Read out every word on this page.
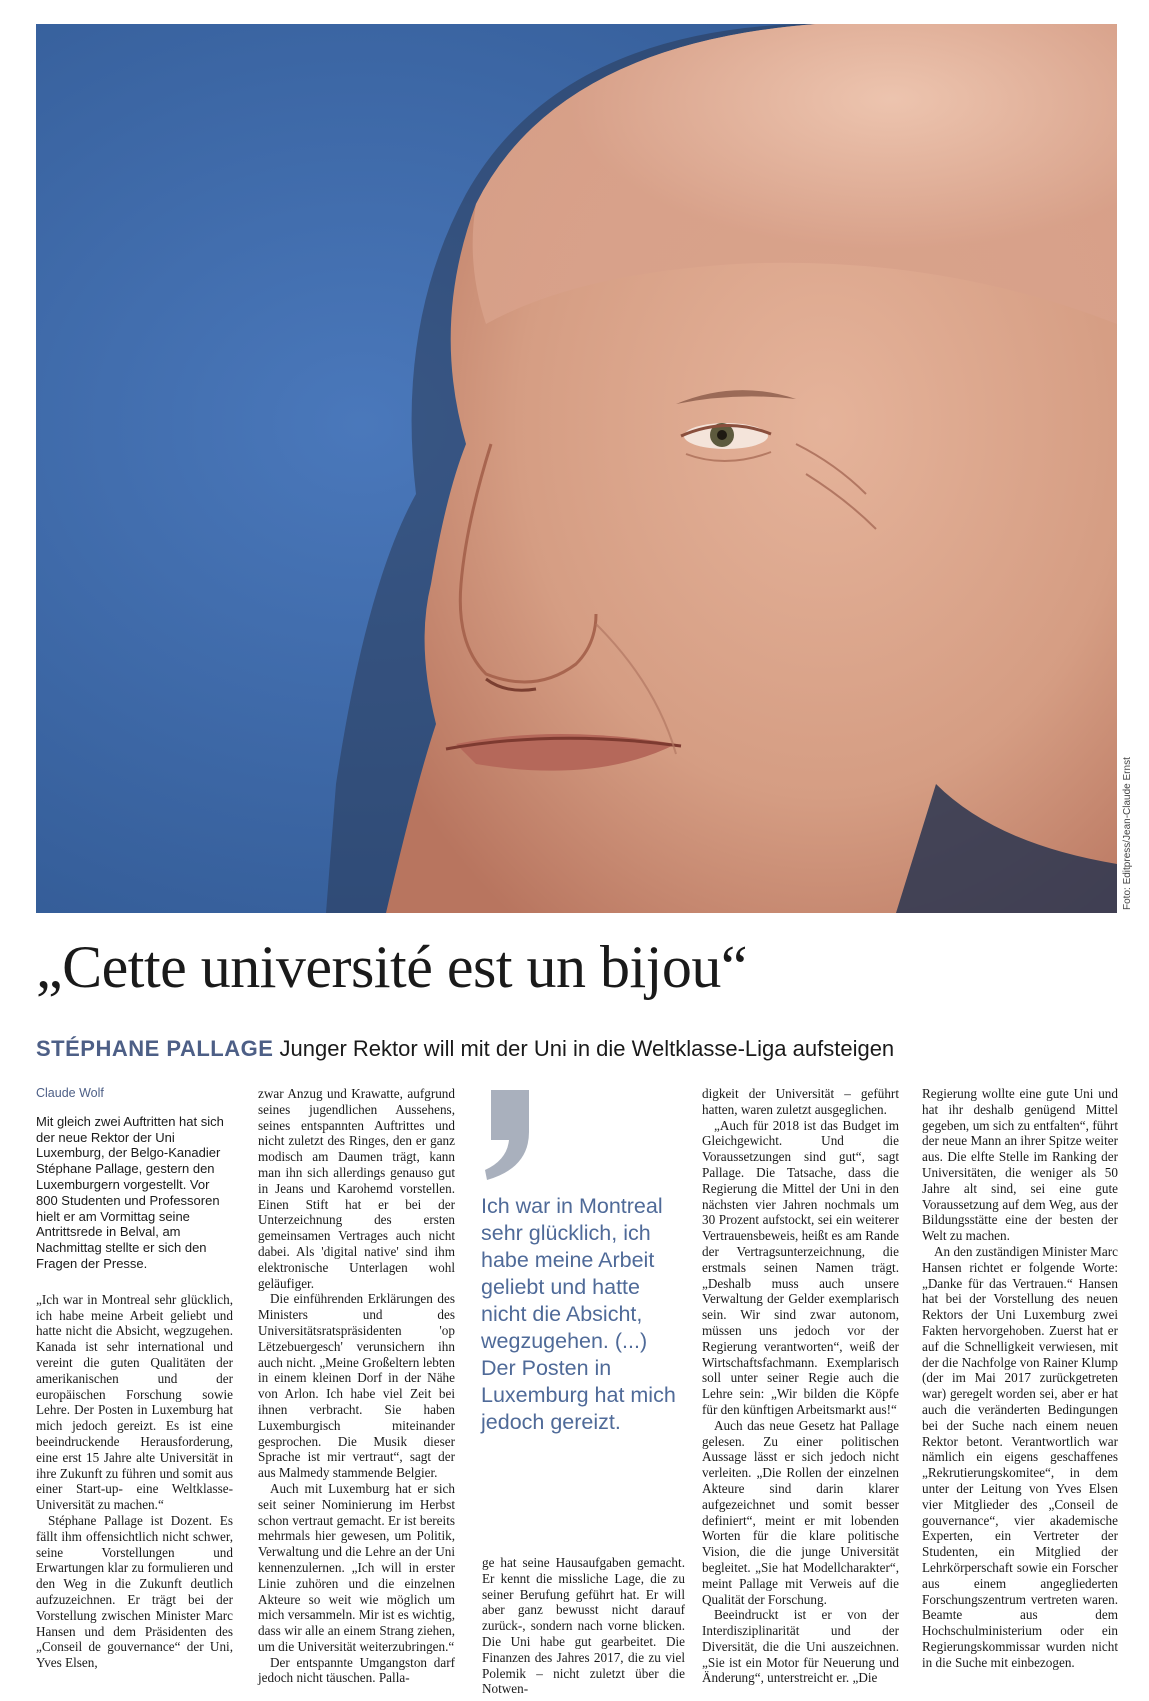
Foto: Editpress/Jean-Claude Ernst
„Cette université est un bijou“
STÉPHANE PALLAGE Junger Rektor will mit der Uni in die Weltklasse-Liga aufsteigen
Claude Wolf
Mit gleich zwei Auftritten hat sich der neue Rektor der Uni Luxemburg, der Belgo-Kanadier Stéphane Pallage, gestern den Luxemburgern vorgestellt. Vor 800 Studenten und Professoren hielt er am Vormittag seine Antrittsrede in Belval, am Nachmittag stellte er sich den Fragen der Presse.

„Ich war in Montreal sehr glücklich, ich habe meine Arbeit geliebt und hatte nicht die Absicht, wegzugehen. Kanada ist sehr international und vereint die guten Qualitäten der amerikanischen und der europäischen Forschung sowie Lehre. Der Posten in Luxemburg hat mich jedoch gereizt. Es ist eine beeindruckende Herausforderung, eine erst 15 Jahre alte Universität in ihre Zukunft zu führen und somit aus einer Start-up- eine Weltklasse-Universität zu machen.“

Stéphane Pallage ist Dozent. Es fällt ihm offensichtlich nicht schwer, seine Vorstellungen und Erwartungen klar zu formulieren und den Weg in die Zukunft deutlich aufzuzeichnen. Er trägt bei der Vorstellung zwischen Minister Marc Hansen und dem Präsidenten des „Conseil de gouvernance“ der Uni, Yves Elsen,

zwar Anzug und Krawatte, aufgrund seines jugendlichen Aussehens, seines entspannten Auftrittes und nicht zuletzt des Ringes, den er ganz modisch am Daumen trägt, kann man ihn sich allerdings genauso gut in Jeans und Karohemd vorstellen. Einen Stift hat er bei der Unterzeichnung des ersten gemeinsamen Vertrages auch nicht dabei. Als 'digital native' sind ihm elektronische Unterlagen wohl geläufiger.

Die einführenden Erklärungen des Ministers und des Universitätsratspräsidenten 'op Lëtzebuergesch' verunsichern ihn auch nicht. „Meine Großeltern lebten in einem kleinen Dorf in der Nähe von Arlon. Ich habe viel Zeit bei ihnen verbracht. Sie haben Luxemburgisch miteinander gesprochen. Die Musik dieser Sprache ist mir vertraut“, sagt der aus Malmedy stammende Belgier.

Auch mit Luxemburg hat er sich seit seiner Nominierung im Herbst schon vertraut gemacht. Er ist bereits mehrmals hier gewesen, um Politik, Verwaltung und die Lehre an der Uni kennenzulernen. „Ich will in erster Linie zuhören und die einzelnen Akteure so weit wie möglich um mich versammeln. Mir ist es wichtig, dass wir alle an einem Strang ziehen, um die Universität weiterzubringen.“

Der entspannte Umgangston darf jedoch nicht täuschen. Palla-

Ich war in Montreal sehr glücklich, ich habe meine Arbeit geliebt und hatte nicht die Absicht, wegzugehen. (...) Der Posten in Luxemburg hat mich jedoch gereizt.

ge hat seine Hausaufgaben gemacht. Er kennt die missliche Lage, die zu seiner Berufung geführt hat. Er will aber ganz bewusst nicht darauf zurück-, sondern nach vorne blicken. Die Uni habe gut gearbeitet. Die Finanzen des Jahres 2017, die zu viel Polemik – nicht zuletzt über die Notwen-

digkeit der Universität – geführt hatten, waren zuletzt ausgeglichen.

„Auch für 2018 ist das Budget im Gleichgewicht. Und die Voraussetzungen sind gut“, sagt Pallage. Die Tatsache, dass die Regierung die Mittel der Uni in den nächsten vier Jahren nochmals um 30 Prozent aufstockt, sei ein weiterer Vertrauensbeweis, heißt es am Rande der Vertragsunterzeichnung, die erstmals seinen Namen trägt. „Deshalb muss auch unsere Verwaltung der Gelder exemplarisch sein. Wir sind zwar autonom, müssen uns jedoch vor der Regierung verantworten“, weiß der Wirtschaftsfachmann. Exemplarisch soll unter seiner Regie auch die Lehre sein: „Wir bilden die Köpfe für den künftigen Arbeitsmarkt aus!“

Auch das neue Gesetz hat Pallage gelesen. Zu einer politischen Aussage lässt er sich jedoch nicht verleiten. „Die Rollen der einzelnen Akteure sind darin klarer aufgezeichnet und somit besser definiert“, meint er mit lobenden Worten für die klare politische Vision, die die junge Universität begleitet. „Sie hat Modellcharakter“, meint Pallage mit Verweis auf die Qualität der Forschung.

Beeindruckt ist er von der Interdisziplinarität und der Diversität, die die Uni auszeichnen. „Sie ist ein Motor für Neuerung und Änderung“, unterstreicht er. „Die

Regierung wollte eine gute Uni und hat ihr deshalb genügend Mittel gegeben, um sich zu entfalten“, führt der neue Mann an ihrer Spitze weiter aus. Die elfte Stelle im Ranking der Universitäten, die weniger als 50 Jahre alt sind, sei eine gute Voraussetzung auf dem Weg, aus der Bildungsstätte eine der besten der Welt zu machen.

An den zuständigen Minister Marc Hansen richtet er folgende Worte: „Danke für das Vertrauen.“ Hansen hat bei der Vorstellung des neuen Rektors der Uni Luxemburg zwei Fakten hervorgehoben. Zuerst hat er auf die Schnelligkeit verwiesen, mit der die Nachfolge von Rainer Klump (der im Mai 2017 zurückgetreten war) geregelt worden sei, aber er hat auch die veränderten Bedingungen bei der Suche nach einem neuen Rektor betont. Verantwortlich war nämlich ein eigens geschaffenes „Rekrutierungskomitee“, in dem unter der Leitung von Yves Elsen vier Mitglieder des „Conseil de gouvernance“, vier akademische Experten, ein Vertreter der Studenten, ein Mitglied der Lehrkörperschaft sowie ein Forscher aus einem angegliederten Forschungszentrum vertreten waren. Beamte aus dem Hochschulministerium oder ein Regierungskommissar wurden nicht in die Suche mit einbezogen.
